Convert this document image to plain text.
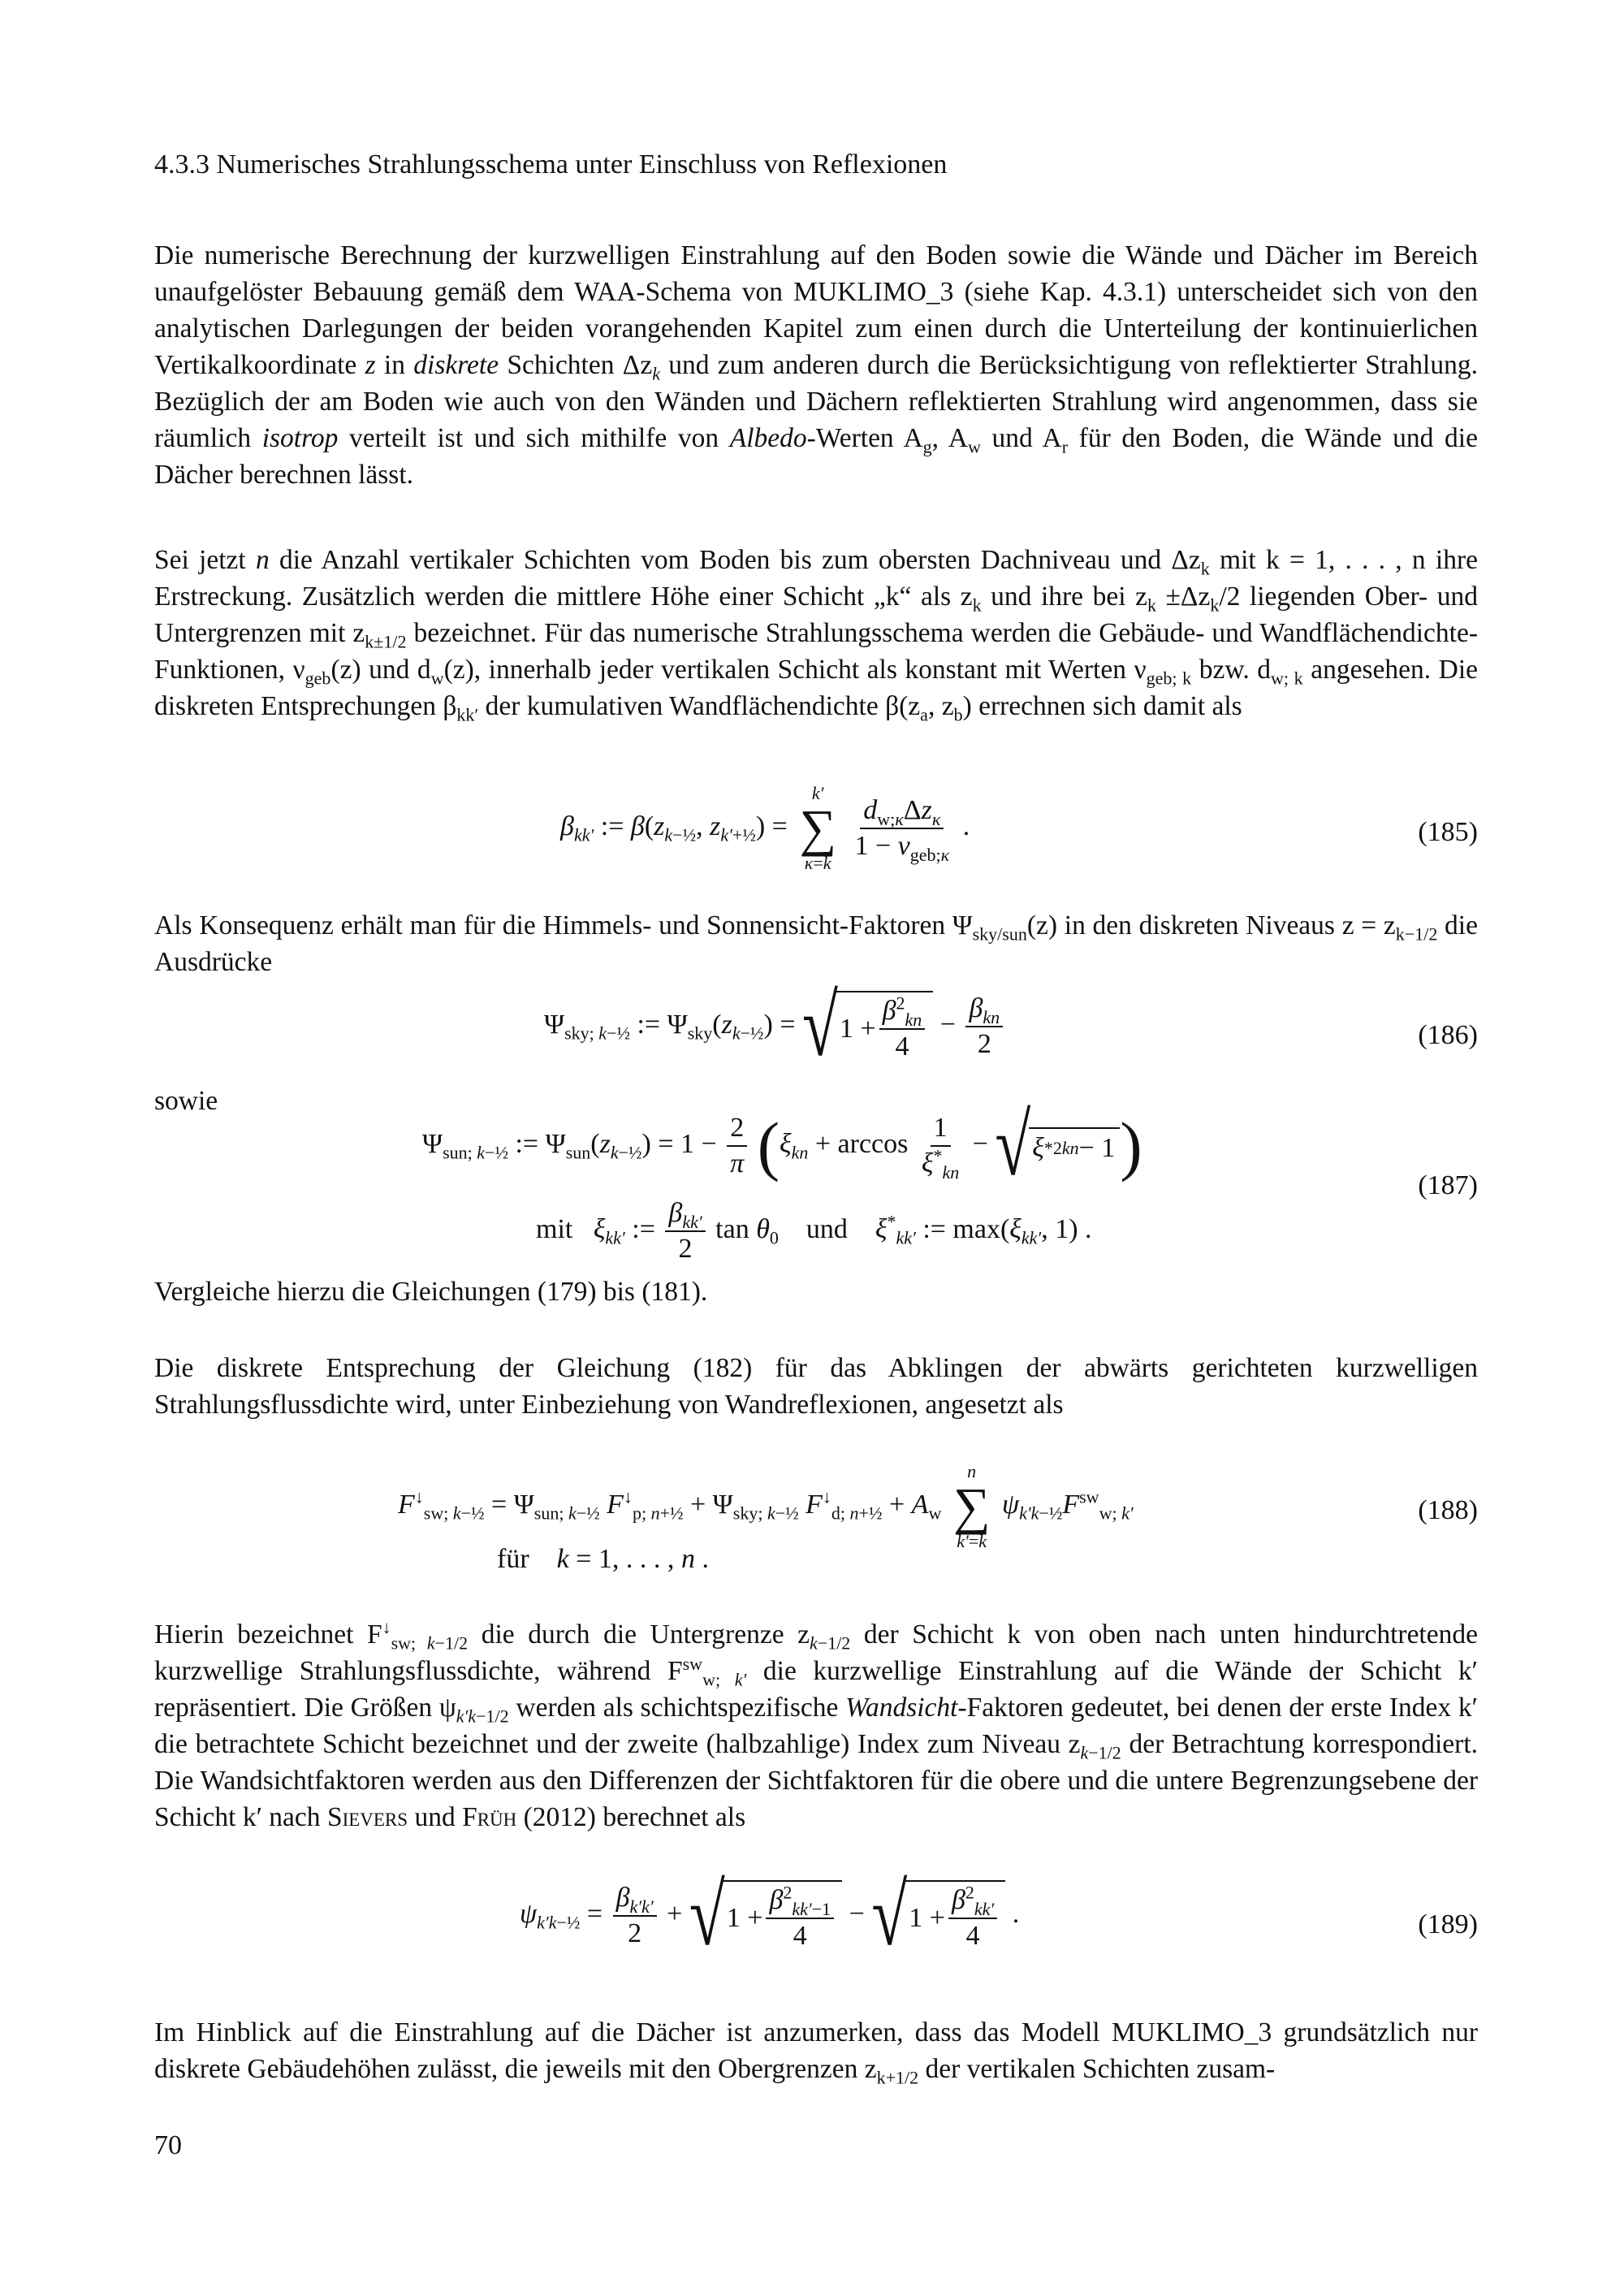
4.3.3 Numerisches Strahlungsschema unter Einschluss von Reflexionen

Die numerische Berechnung der kurzwelligen Einstrahlung auf den Boden sowie die Wände und Dächer im Bereich unaufgelöster Bebauung gemäß dem WAA-Schema von MUKLIMO_3 (siehe Kap. 4.3.1) unterscheidet sich von den analytischen Darlegungen der beiden vorangehenden Kapitel zum einen durch die Unterteilung der kontinuierlichen Vertikalkoordinate z in diskrete Schichten $\Delta z_k$ und zum anderen durch die Berücksichtigung von reflektierter Strahlung. Bezüglich der am Boden wie auch von den Wänden und Dächern reflektierten Strahlung wird angenommen, dass sie räumlich isotrop verteilt ist und sich mithilfe von Albedo-Werten $A_g$, $A_w$ und $A_r$ für den Boden, die Wände und die Dächer berechnen lässt.

Sei jetzt n die Anzahl vertikaler Schichten vom Boden bis zum obersten Dachniveau und $\Delta z_k$ mit k = 1, . . . , n ihre Erstreckung. Zusätzlich werden die mittlere Höhe einer Schicht „k“ als $z_k$ und ihre bei $z_k \pm\Delta z_k/2$ liegenden Ober- und Untergrenzen mit $z_{k\pm 1/2}$ bezeichnet. Für das numerische Strahlungsschema werden die Gebäude- und Wandflächendichte-Funktionen, $\nu_{geb}(z)$ und $d_w(z)$, innerhalb jeder vertikalen Schicht als konstant mit Werten $\nu_{geb; k}$ bzw. $d_{w; k}$ angesehen. Die diskreten Entsprechungen $\beta_{kk'}$ der kumulativen Wandflächendichte $\beta(z_a$, $z_b$) errechnen sich damit als

$\beta_{kk'}$ := $\beta(z_{k-\frac{1}{2}}$, $z_{k'+\frac{1}{2}}$) =
k′
∑
κ=k

$\frac{d_{w;\kappa}\Delta z_\kappa}{1 - \nu_{geb;\kappa}}$ .	(185)

Als Konsequenz erhält man für die Himmels- und Sonnensicht-Faktoren $\Psi_{sky/sun}(z)$ in den diskreten Niveaus $z = z_{k-1/2}$ die Ausdrücke

$\Psi_{sky; k-\frac{1}{2}}$ := $\Psi_{sky}(z_{k-\frac{1}{2}})$ = √ $1 + \frac{\beta^2_{kn}}{4} - \frac{\beta_{kn}}{2}$	(186)
sowie
$\Psi_{sun; k-\frac{1}{2}}$ := $\Psi_{sun}(z_{k-\frac{1}{2}}) = 1 - \frac{2}{\pi} (\xi_{kn} + \arccos \frac{1}{\xi^*_{kn}}$ − √ ξ *2 kn − 1 )
(187)
mit $\xi_{kk'}$ := $\frac{\beta_{kk'}}{2}$ $\tan \theta_0$ und $\xi^*_{kk'}$ := $\max(\xi_{kk'}$, 1) .
Vergleiche hierzu die Gleichungen (179) bis (181).

Die diskrete Entsprechung der Gleichung (182) für das Abklingen der abwärts gerichteten kurzwelligen Strahlungsflussdichte wird, unter Einbeziehung von Wandreflexionen, angesetzt als

$F^↓_{sw; k-\frac{1}{2}} = \Psi_{sun; k-\frac{1}{2}}$ $F^↓_{p; n+\frac{1}{2}} + \Psi_{sky; k-\frac{1}{2}}$ $F^↓_{d; n+\frac{1}{2}} + A_w$
n
∑
k′=k
$\psi_{k'k-\frac{1}{2}}F^{sw}_{w; k'}$	(188)
für k = 1, . . . , n .

Hierin bezeichnet $F^↓_{sw; k-1/2}$ die durch die Untergrenze $z_{k-1/2}$ der Schicht k von oben nach unten hindurchtretende kurzwellige Strahlungsflussdichte, während $F^{sw}_{w; k'}$ die kurzwellige Einstrahlung auf die Wände der Schicht k′ repräsentiert. Die Größen $\psi_{k'k-1/2}$ werden als schichtspezifische Wandsicht-Faktoren gedeutet, bei denen der erste Index k′ die betrachtete Schicht bezeichnet und der zweite (halbzahlige) Index zum Niveau $z_{k-1/2}$ der Betrachtung korrespondiert. Die Wandsichtfaktoren werden aus den Differenzen der Sichtfaktoren für die obere und die untere Begrenzungsebene der Schicht k′ nach Sievers und Früh (2012) berechnet als

$\psi_{k'k-\frac{1}{2}} = \frac{\beta_{k'k'}}{2}$ + √ $1 + \frac{\beta^2_{kk'-1}}{4}$ − √ $1 + \frac{\beta^2_{kk'}}{4}$ .	(189)

Im Hinblick auf die Einstrahlung auf die Dächer ist anzumerken, dass das Modell MUKLIMO_3 grundsätzlich nur diskrete Gebäudehöhen zulässt, die jeweils mit den Obergrenzen $z_{k+1/2}$ der vertikalen Schichten zusam-

70
